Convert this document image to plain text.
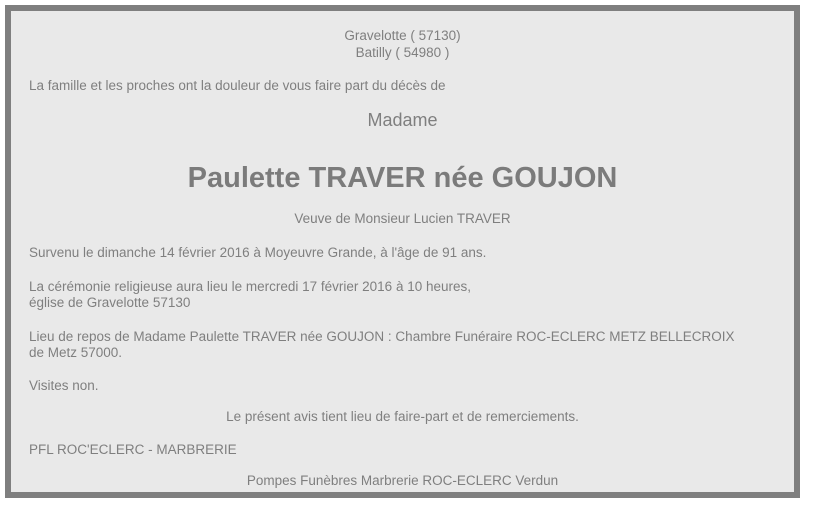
Gravelotte ( 57130)
Batilly ( 54980 )

La famille et les proches ont la douleur de vous faire part du décès de

Madame

Paulette TRAVER née GOUJON

Veuve de Monsieur Lucien TRAVER

Survenu le dimanche 14 février 2016 à Moyeuvre Grande, à l'âge de 91 ans.

La cérémonie religieuse aura lieu le mercredi 17 février 2016 à 10 heures,
église de Gravelotte 57130

Lieu de repos de Madame Paulette TRAVER née GOUJON : Chambre Funéraire ROC-ECLERC METZ BELLECROIX
de Metz 57000.

Visites non.

Le présent avis tient lieu de faire-part et de remerciements.

PFL ROC'ECLERC - MARBRERIE

Pompes Funèbres Marbrerie ROC-ECLERC Verdun
